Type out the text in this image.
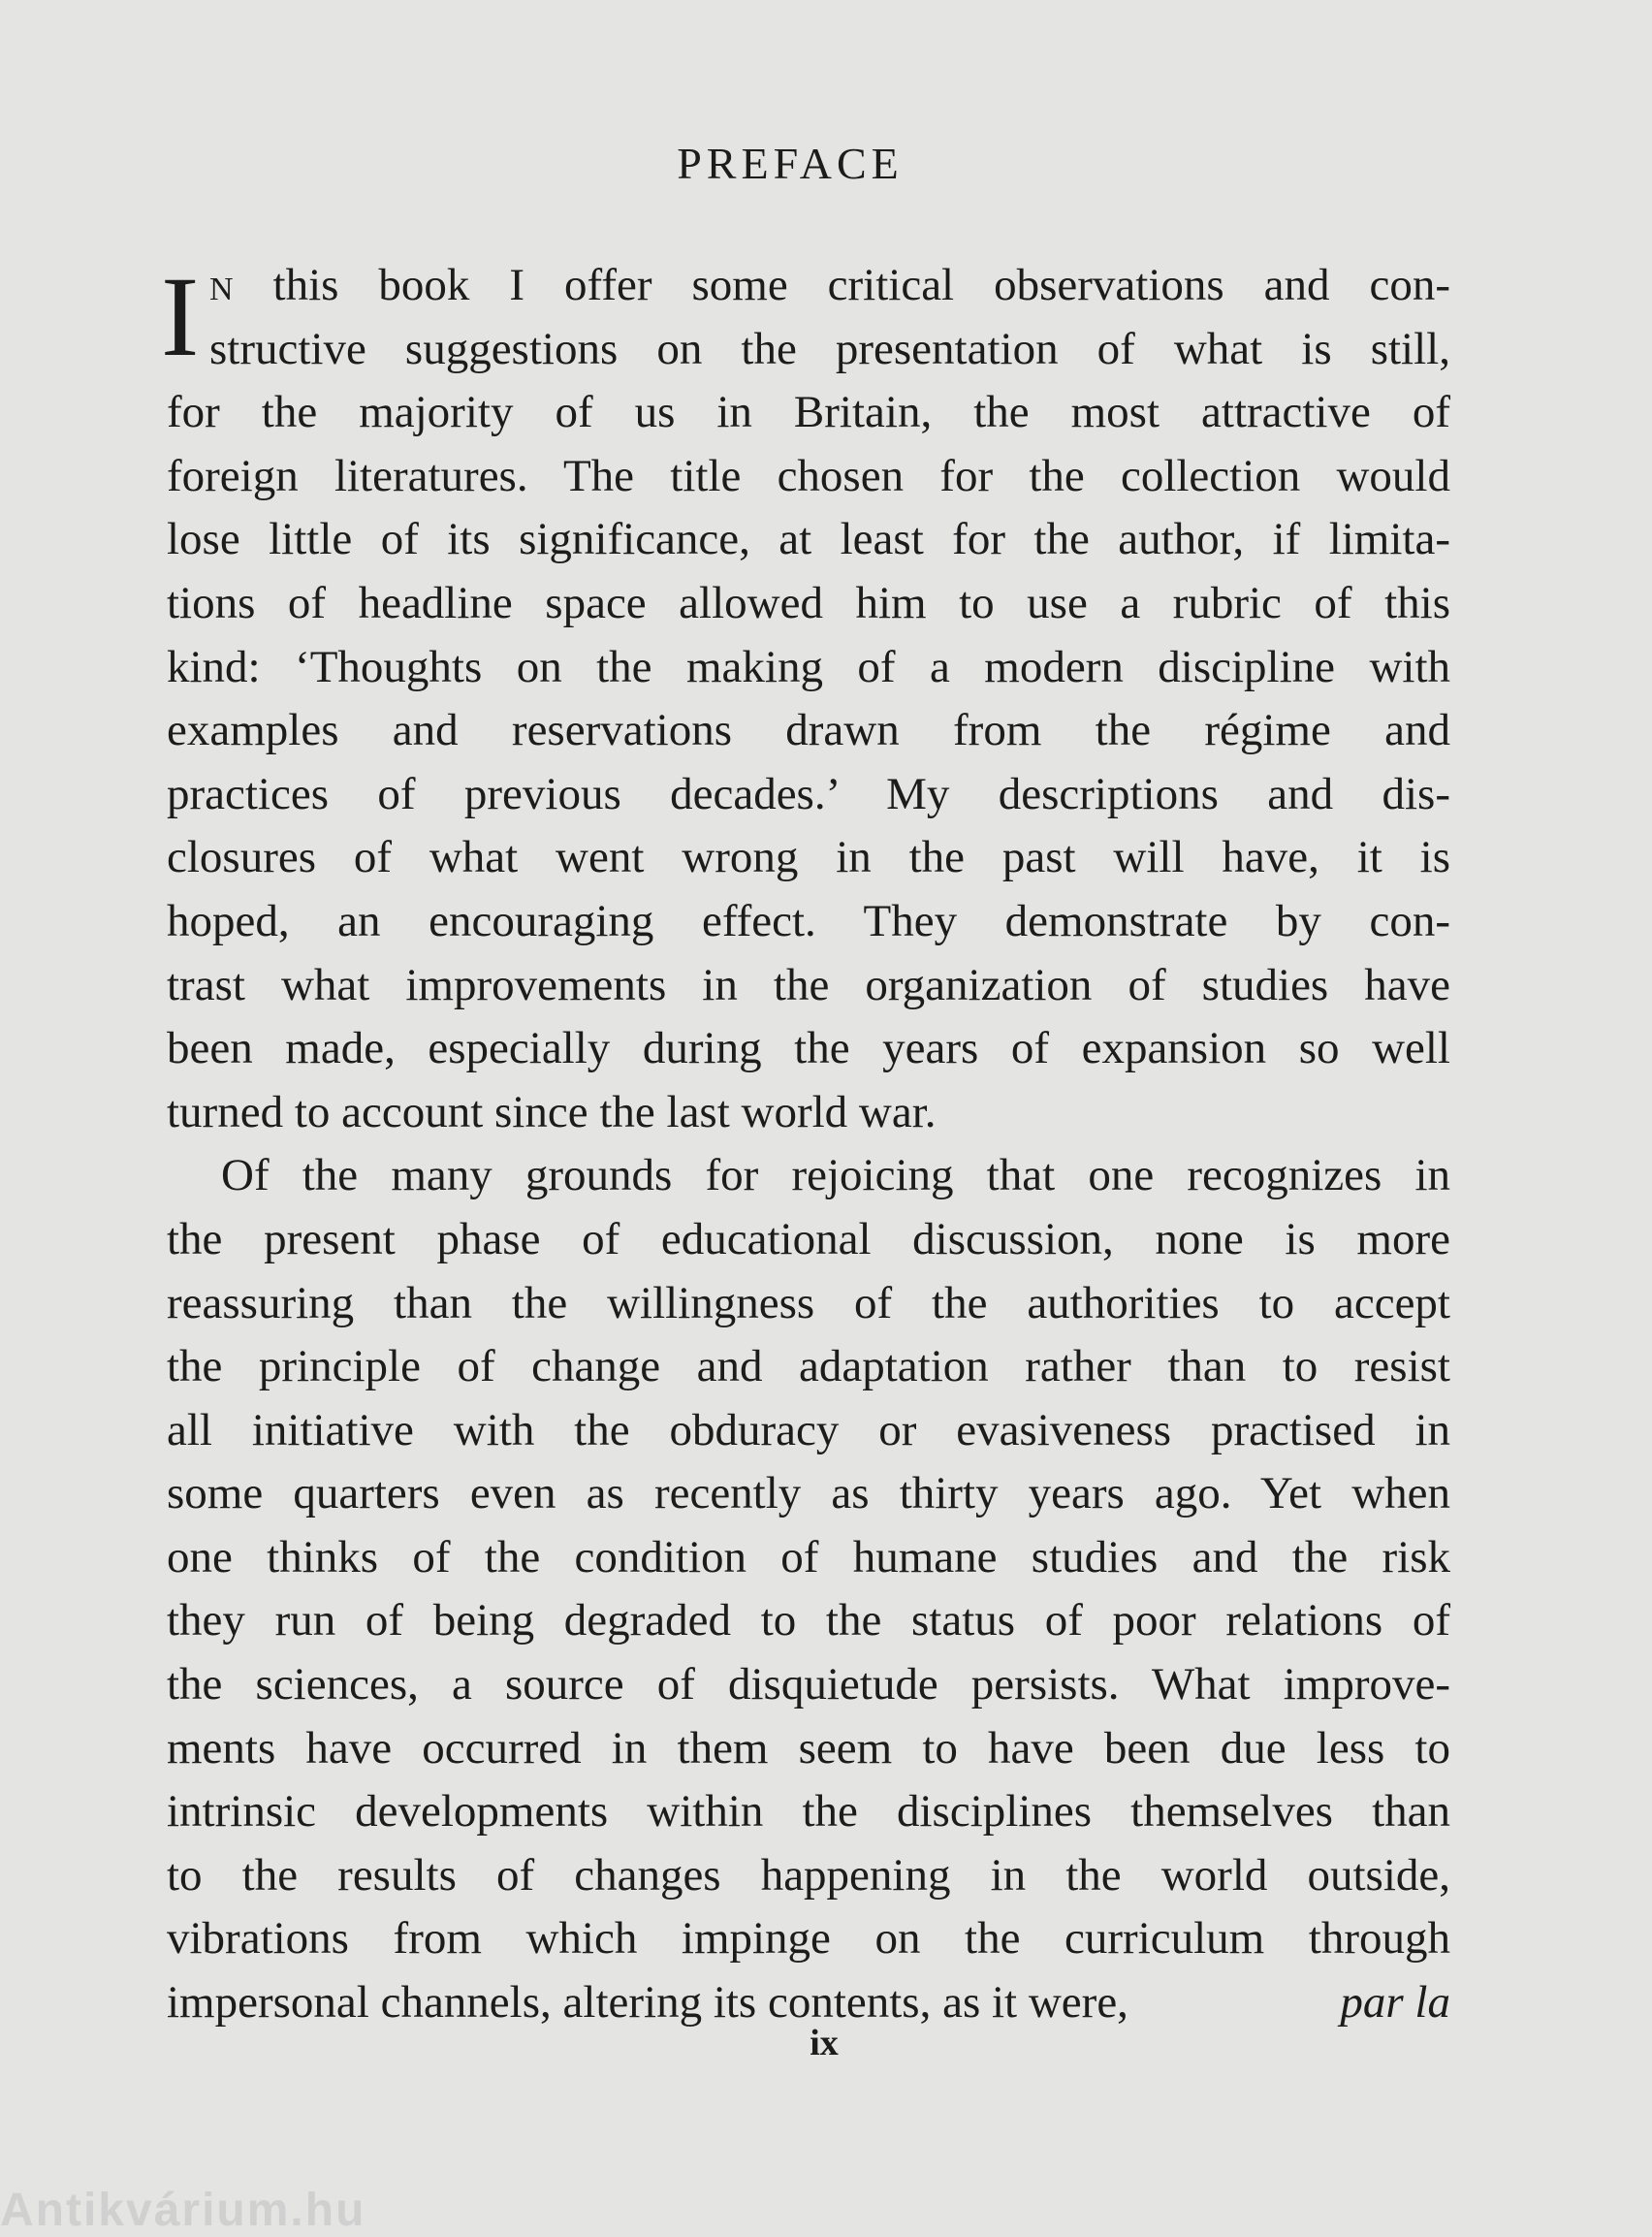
PREFACE
I N this book I offer some critical observations and con-
structive suggestions on the presentation of what is still,
for the majority of us in Britain, the most attractive of
foreign literatures. The title chosen for the collection would
lose little of its significance, at least for the author, if limita-
tions of headline space allowed him to use a rubric of this
kind: ‘Thoughts on the making of a modern discipline with
examples and reservations drawn from the régime and
practices of previous decades.’ My descriptions and dis-
closures of what went wrong in the past will have, it is
hoped, an encouraging effect. They demonstrate by con-
trast what improvements in the organization of studies have
been made, especially during the years of expansion so well
turned to account since the last world war.
Of the many grounds for rejoicing that one recognizes in
the present phase of educational discussion, none is more
reassuring than the willingness of the authorities to accept
the principle of change and adaptation rather than to resist
all initiative with the obduracy or evasiveness practised in
some quarters even as recently as thirty years ago. Yet when
one thinks of the condition of humane studies and the risk
they run of being degraded to the status of poor relations of
the sciences, a source of disquietude persists. What improve-
ments have occurred in them seem to have been due less to
intrinsic developments within the disciplines themselves than
to the results of changes happening in the world outside,
vibrations from which impinge on the curriculum through
impersonal channels, altering its contents, as it were,	par la
ix
Antikvárium.hu
